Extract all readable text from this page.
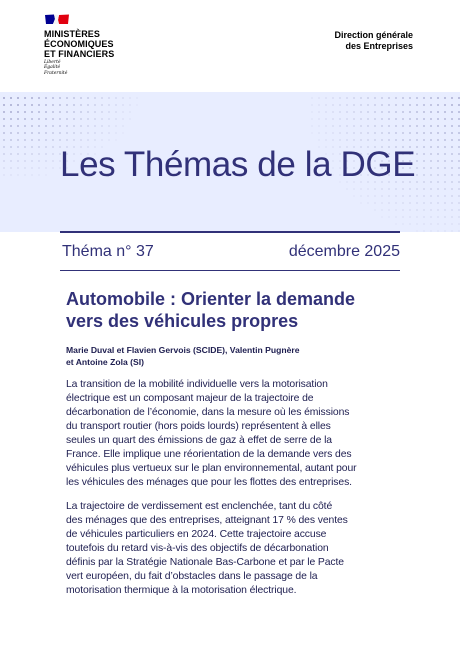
MINISTÈRES
ÉCONOMIQUES
ET FINANCIERS
Liberté
Égalité
Fraternité
Direction générale
des Entreprises
Les Thémas de la DGE
Théma n° 37	décembre 2025
Automobile : Orienter la demande
vers des véhicules propres
Marie Duval et Flavien Gervois (SCIDE), Valentin Pugnère
et Antoine Zola (SI)
La transition de la mobilité individuelle vers la motorisation
électrique est un composant majeur de la trajectoire de
décarbonation de l’économie, dans la mesure où les émissions
du transport routier (hors poids lourds) représentent à elles
seules un quart des émissions de gaz à effet de serre de la
France. Elle implique une réorientation de la demande vers des
véhicules plus vertueux sur le plan environnemental, autant pour
les véhicules des ménages que pour les flottes des entreprises.
La trajectoire de verdissement est enclenchée, tant du côté
des ménages que des entreprises, atteignant 17 % des ventes
de véhicules particuliers en 2024. Cette trajectoire accuse
toutefois du retard vis-à-vis des objectifs de décarbonation
définis par la Stratégie Nationale Bas-Carbone et par le Pacte
vert européen, du fait d’obstacles dans le passage de la
motorisation thermique à la motorisation électrique.
